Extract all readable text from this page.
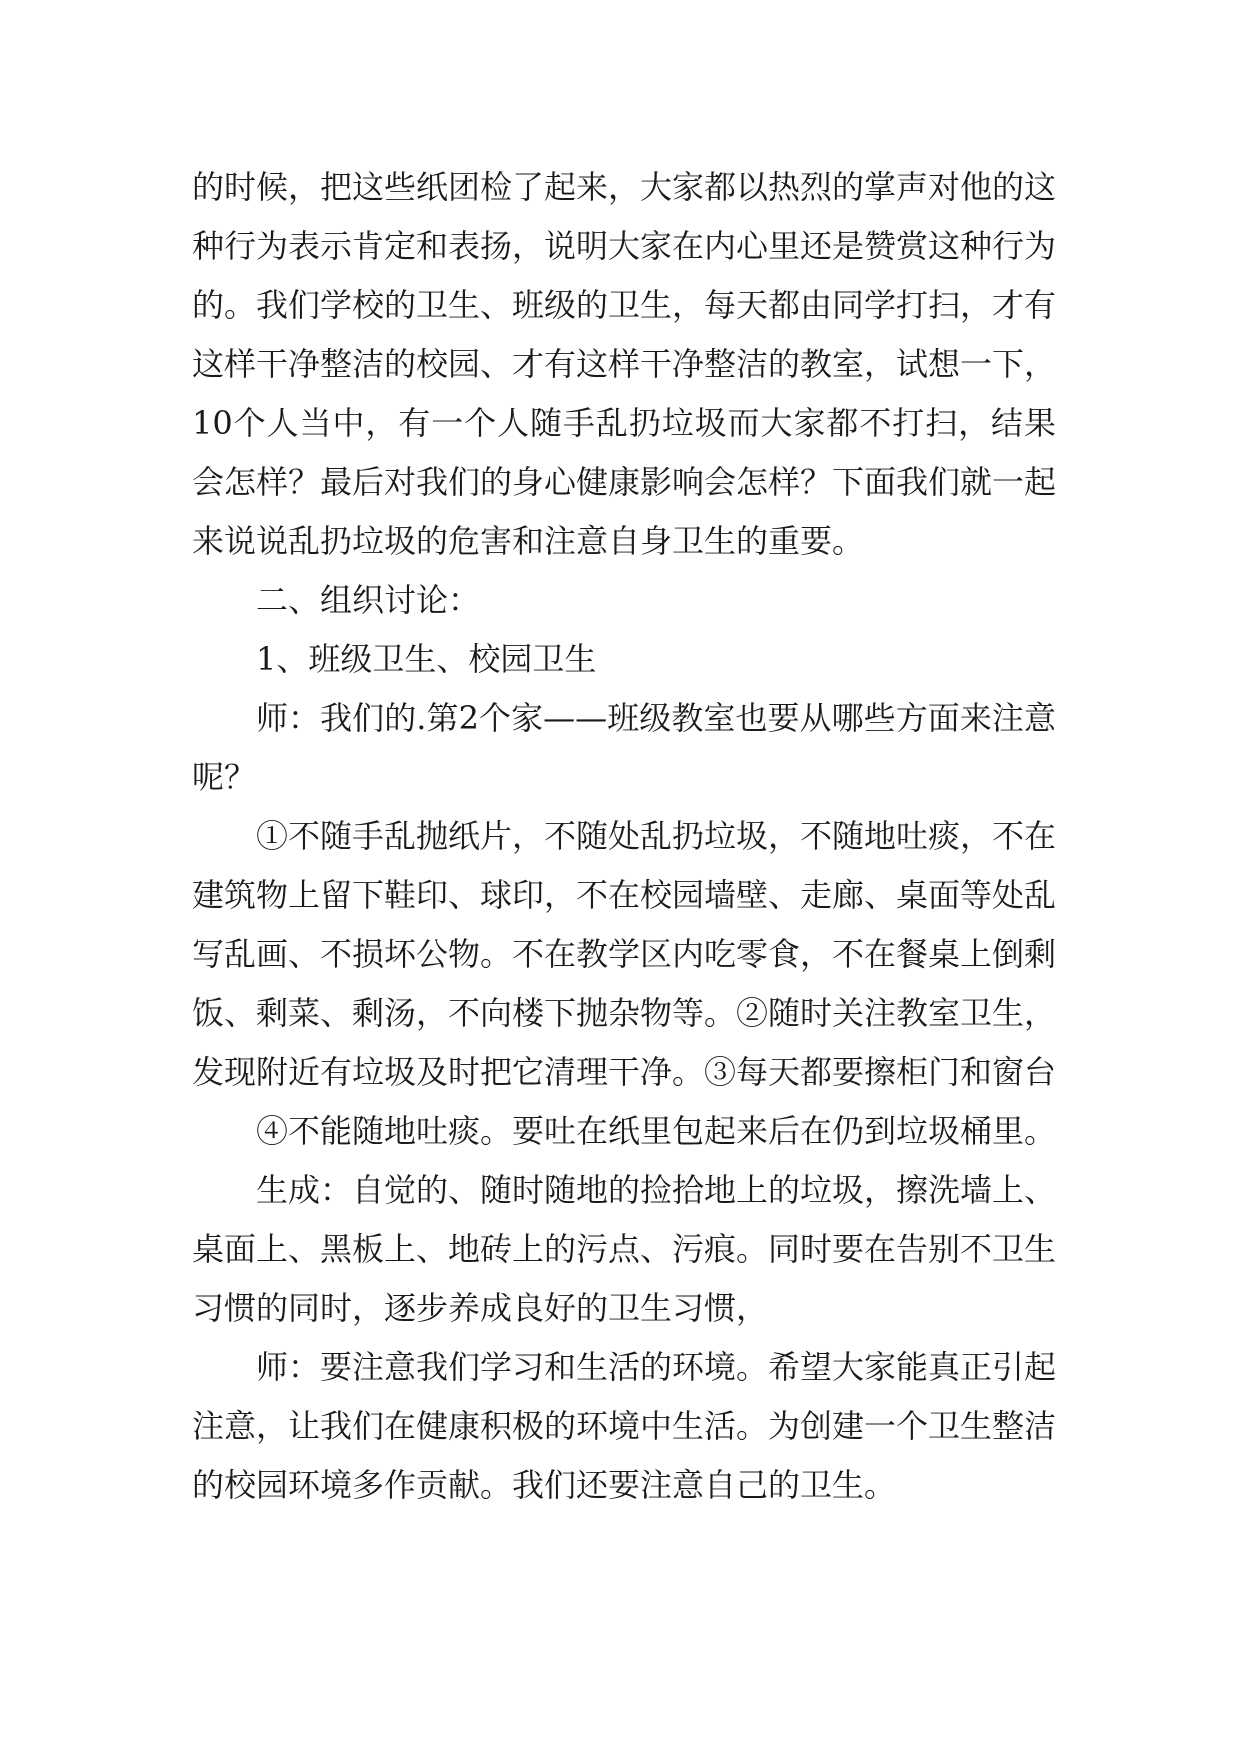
的时候，把这些纸团检了起来，大家都以热烈的掌声对他的这种行为表示肯定和表扬，说明大家在内心里还是赞赏这种行为的。我们学校的卫生、班级的卫生，每天都由同学打扫，才有这样干净整洁的校园、才有这样干净整洁的教室，试想一下，10个人当中，有一个人随手乱扔垃圾而大家都不打扫，结果会怎样？最后对我们的身心健康影响会怎样？下面我们就一起来说说乱扔垃圾的危害和注意自身卫生的重要。

二、组织讨论：

1、班级卫生、校园卫生

师：我们的.第2个家——班级教室也要从哪些方面来注意呢？

①不随手乱抛纸片，不随处乱扔垃圾，不随地吐痰，不在建筑物上留下鞋印、球印，不在校园墙壁、走廊、桌面等处乱写乱画、不损坏公物。不在教学区内吃零食，不在餐桌上倒剩饭、剩菜、剩汤，不向楼下抛杂物等。②随时关注教室卫生，发现附近有垃圾及时把它清理干净。③每天都要擦柜门和窗台

④不能随地吐痰。要吐在纸里包起来后在仍到垃圾桶里。

生成：自觉的、随时随地的捡拾地上的垃圾，擦洗墙上、桌面上、黑板上、地砖上的污点、污痕。同时要在告别不卫生习惯的同时，逐步养成良好的卫生习惯，

师：要注意我们学习和生活的环境。希望大家能真正引起注意，让我们在健康积极的环境中生活。为创建一个卫生整洁的校园环境多作贡献。我们还要注意自己的卫生。
